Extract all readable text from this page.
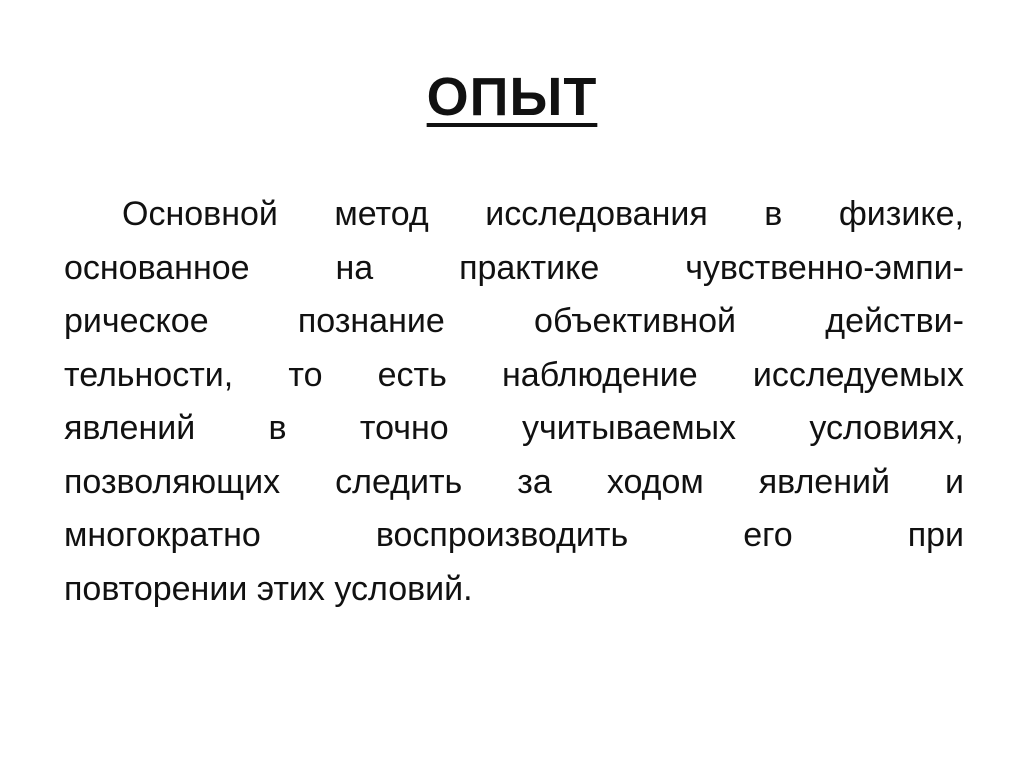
ОПЫТ
Основной метод исследования в физике,
основанное на практике чувственно-эмпи-
рическое познание объективной действи-
тельности, то есть наблюдение исследуемых
явлений в точно учитываемых условиях,
позволяющих следить за ходом явлений и
многократно воспроизводить его при
повторении этих условий.
